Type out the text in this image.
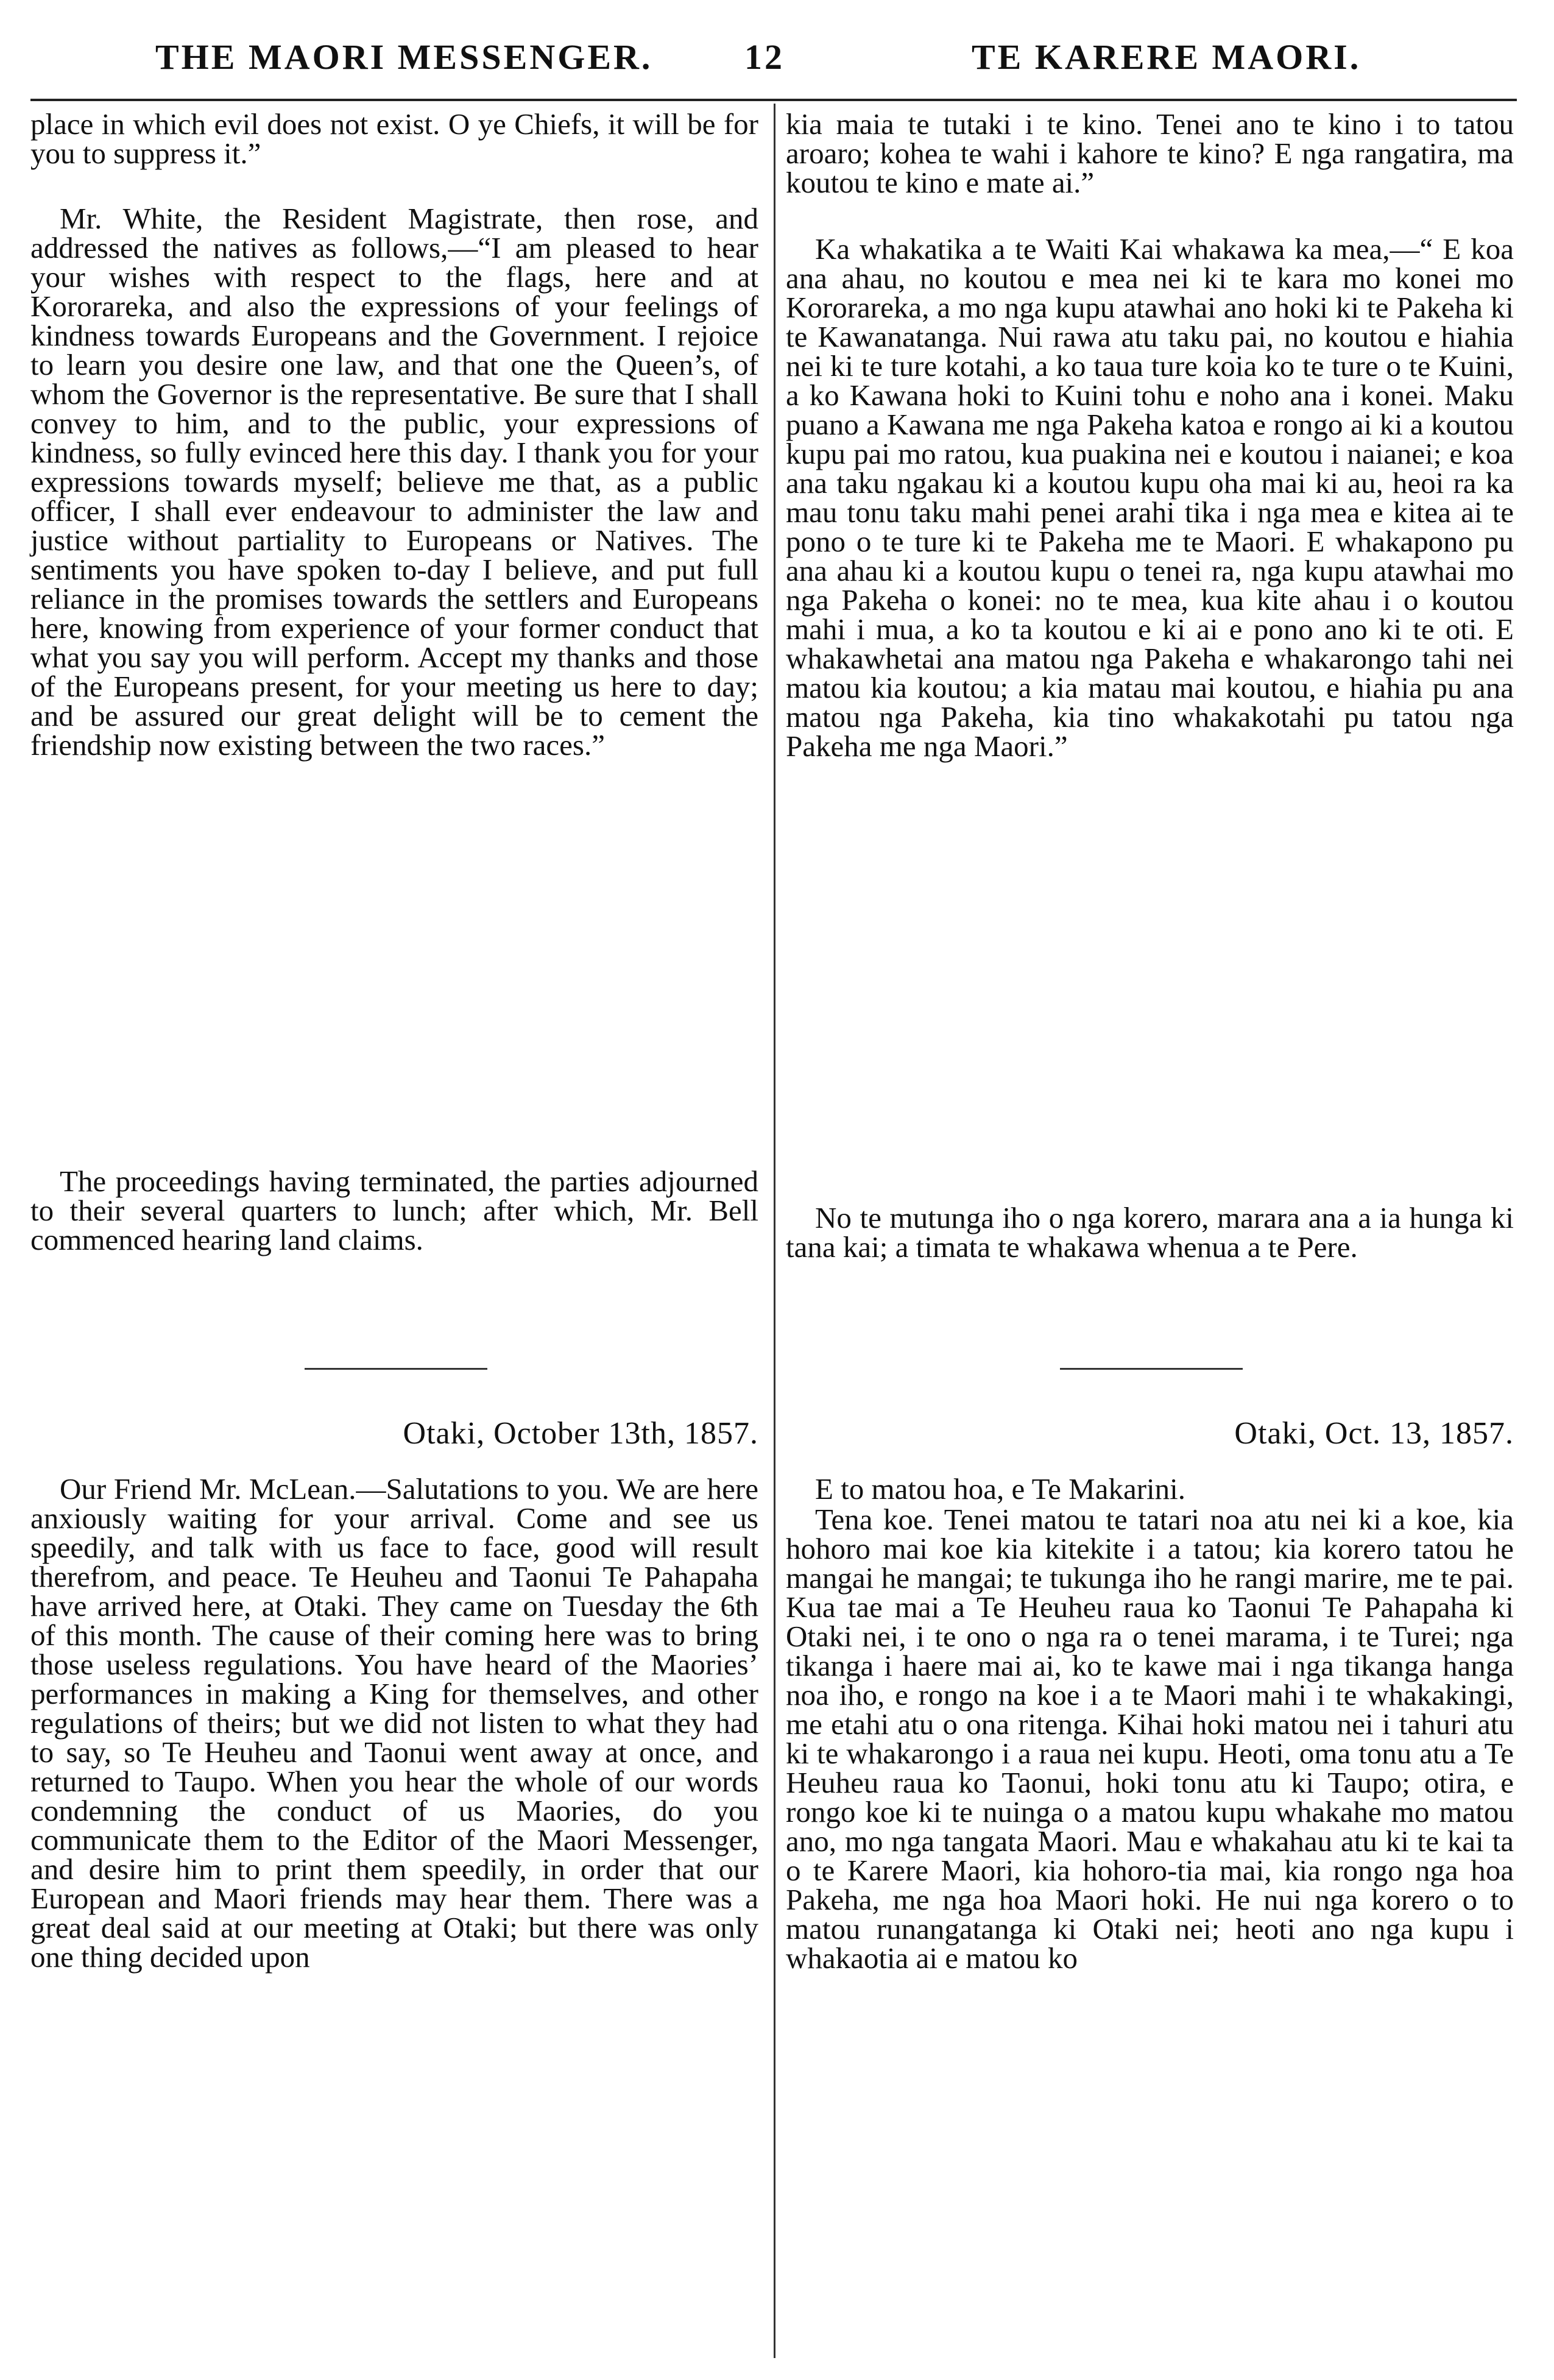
THE MAORI MESSENGER.	12	TE KARERE MAORI.

place in which evil does not exist. O ye Chiefs, it will be for you to suppress it.”

Mr. White, the Resident Magistrate, then rose, and addressed the natives as follows,—“I am pleased to hear your wishes with respect to the flags, here and at Kororareka, and also the expressions of your feelings of kindness towards Europeans and the Government. I rejoice to learn you desire one law, and that one the Queen’s, of whom the Governor is the representative. Be sure that I shall convey to him, and to the public, your expressions of kindness, so fully evinced here this day. I thank you for your expressions towards myself; believe me that, as a public officer, I shall ever endeavour to administer the law and justice without partiality to Europeans or Natives. The sentiments you have spoken to-day I believe, and put full reliance in the promises towards the settlers and Europeans here, knowing from experience of your former conduct that what you say you will perform. Accept my thanks and those of the Europeans present, for your meeting us here to day; and be assured our great delight will be to cement the friendship now existing between the two races.”

The proceedings having terminated, the parties adjourned to their several quarters to lunch; after which, Mr. Bell commenced hearing land claims.

Otaki, October 13th, 1857.

Our Friend Mr. McLean.—Salutations to you. We are here anxiously waiting for your arrival. Come and see us speedily, and talk with us face to face, good will result therefrom, and peace. Te Heuheu and Taonui Te Pahapaha have arrived here, at Otaki. They came on Tuesday the 6th of this month. The cause of their coming here was to bring those useless regulations. You have heard of the Maories’ performances in making a King for themselves, and other regulations of theirs; but we did not listen to what they had to say, so Te Heuheu and Taonui went away at once, and returned to Taupo. When you hear the whole of our words condemning the conduct of us Maories, do you communicate them to the Editor of the Maori Messenger, and desire him to print them speedily, in order that our European and Maori friends may hear them. There was a great deal said at our meeting at Otaki; but there was only one thing decided upon

kia maia te tutaki i te kino. Tenei ano te kino i to tatou aroaro; kohea te wahi i kahore te kino? E nga rangatira, ma koutou te kino e mate ai.”

Ka whakatika a te Waiti Kai whakawa ka mea,—“ E koa ana ahau, no koutou e mea nei ki te kara mo konei mo Kororareka, a mo nga kupu atawhai ano hoki ki te Pakeha ki te Kawanatanga. Nui rawa atu taku pai, no koutou e hiahia nei ki te ture kotahi, a ko taua ture koia ko te ture o te Kuini, a ko Kawana hoki to Kuini tohu e noho ana i konei. Maku puano a Kawana me nga Pakeha katoa e rongo ai ki a koutou kupu pai mo ratou, kua puakina nei e koutou i naianei; e koa ana taku ngakau ki a koutou kupu oha mai ki au, heoi ra ka mau tonu taku mahi penei arahi tika i nga mea e kitea ai te pono o te ture ki te Pakeha me te Maori. E whakapono pu ana ahau ki a koutou kupu o tenei ra, nga kupu atawhai mo nga Pakeha o konei: no te mea, kua kite ahau i o koutou mahi i mua, a ko ta koutou e ki ai e pono ano ki te oti. E whakawhetai ana matou nga Pakeha e whakarongo tahi nei matou kia koutou; a kia matau mai koutou, e hiahia pu ana matou nga Pakeha, kia tino whakakotahi pu tatou nga Pakeha me nga Maori.”

No te mutunga iho o nga korero, marara ana a ia hunga ki tana kai; a timata te whakawa whenua a te Pere.

Otaki, Oct. 13, 1857.

E to matou hoa, e Te Makarini.

Tena koe. Tenei matou te tatari noa atu nei ki a koe, kia hohoro mai koe kia kitekite i a tatou; kia korero tatou he mangai he mangai; te tukunga iho he rangi marire, me te pai. Kua tae mai a Te Heuheu raua ko Taonui Te Pahapaha ki Otaki nei, i te ono o nga ra o tenei marama, i te Turei; nga tikanga i haere mai ai, ko te kawe mai i nga tikanga hanga noa iho, e rongo na koe i a te Maori mahi i te whakakingi, me etahi atu o ona ritenga. Kihai hoki matou nei i tahuri atu ki te whakarongo i a raua nei kupu. Heoti, oma tonu atu a Te Heuheu raua ko Taonui, hoki tonu atu ki Taupo; otira, e rongo koe ki te nuinga o a matou kupu whakahe mo matou ano, mo nga tangata Maori. Mau e whakahau atu ki te kai ta o te Karere Maori, kia hohoro-tia mai, kia rongo nga hoa Pakeha, me nga hoa Maori hoki. He nui nga korero o to matou runangatanga ki Otaki nei; heoti ano nga kupu i whakaotia ai e matou ko
